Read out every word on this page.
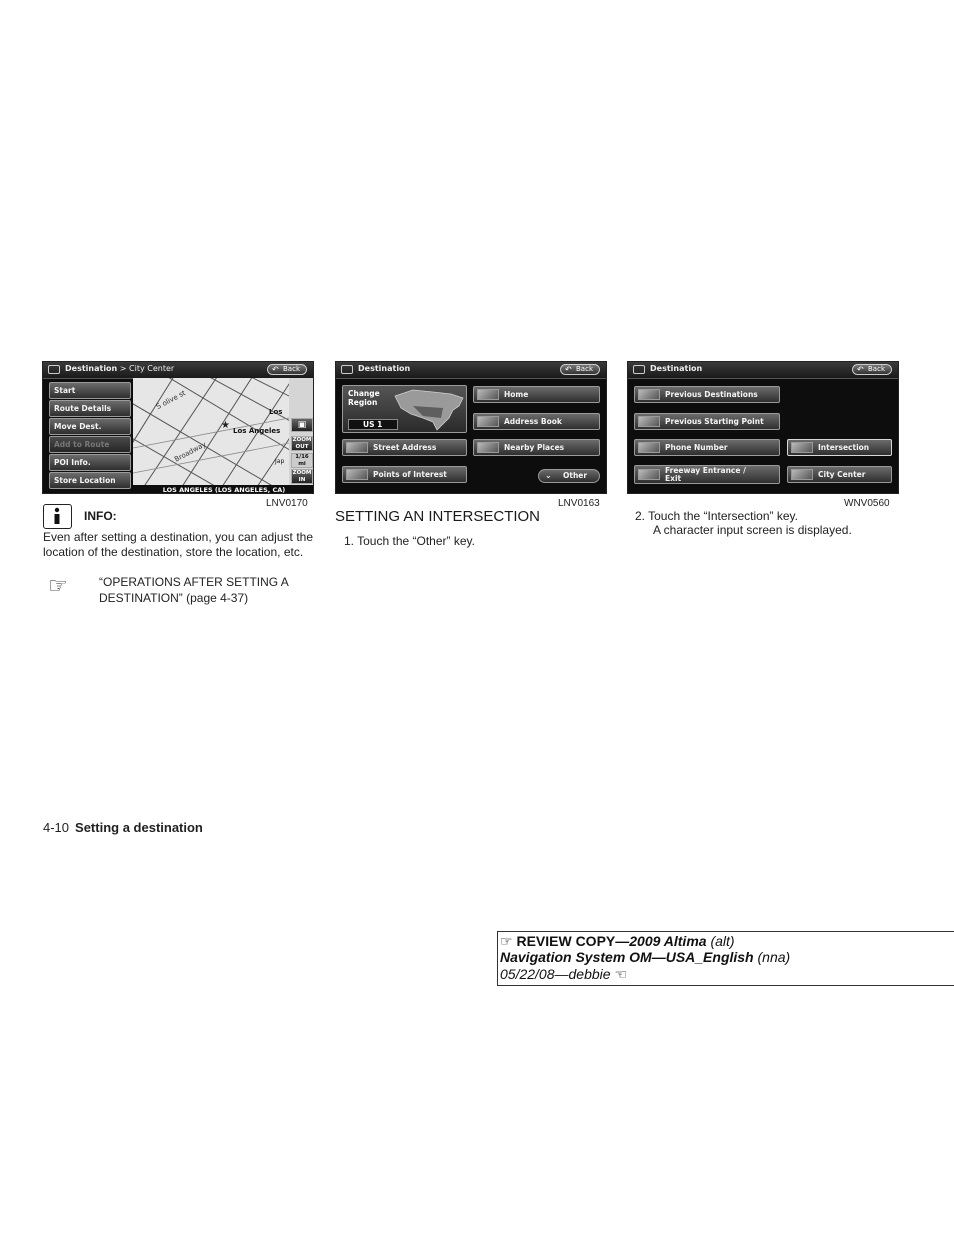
Destination > City Center	↶ Back
Start
Route Details
Move Dest.
Add to Route
POI Info.
Store Location
S olive st
Broadway
★ Los Angeles
Los
Jap
▣
ZOOM
OUT
1/16
mi
ZOOM
IN
LOS ANGELES (LOS ANGELES, CA)
LNV0170
Destination	↶ Back
Change Region
US 1
Home
Address Book
Street Address	Nearby Places
Points of Interest	⌄ Other
LNV0163
Destination	↶ Back
Previous Destinations
Previous Starting Point
Phone Number	Intersection
Freeway Entrance / Exit	City Center
WNV0560
INFO:
Even after setting a destination, you can adjust the location of the destination, store the location, etc.
☞	“OPERATIONS AFTER SETTING A DESTINATION” (page 4-37)
SETTING AN INTERSECTION
1. Touch the “Other” key.
2. Touch the “Intersection” key.
A character input screen is displayed.
4-10 Setting a destination
☞ REVIEW COPY—2009 Altima (alt)
Navigation System OM—USA_English (nna)
05/22/08—debbie ☜
